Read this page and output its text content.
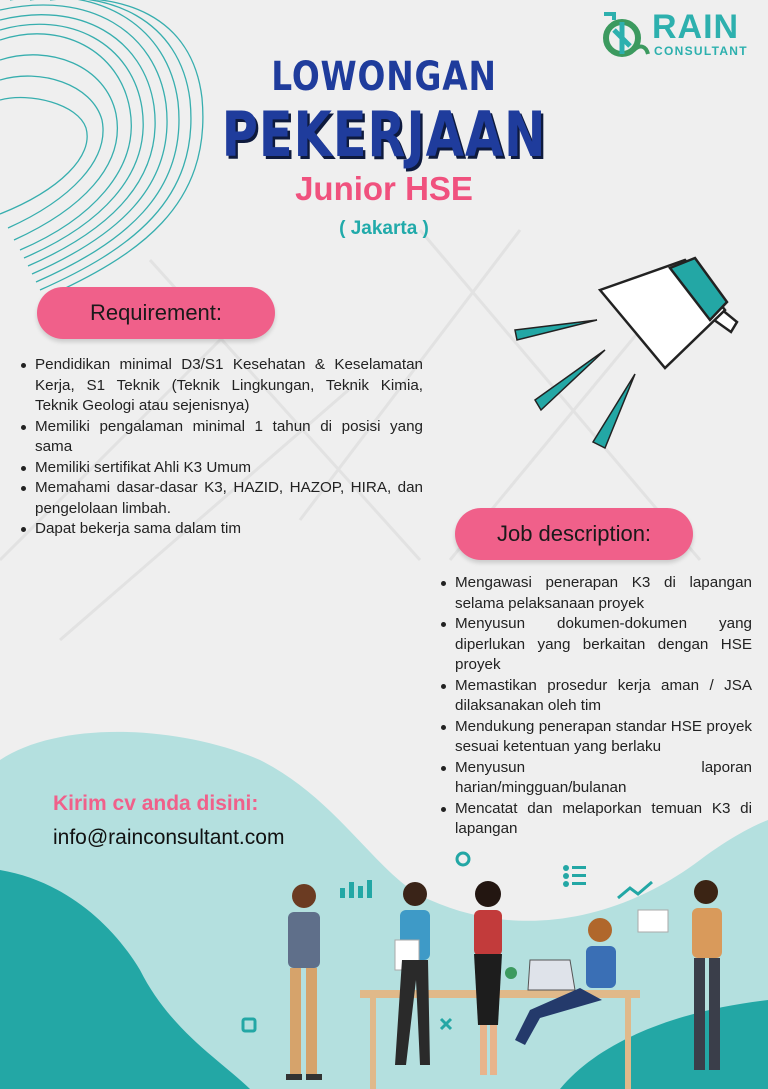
RAIN
CONSULTANT
LOWONGAN
PEKERJAAN
Junior HSE
( Jakarta )
Requirement:
Pendidikan minimal D3/S1 Kesehatan & Keselamatan Kerja, S1 Teknik (Teknik Lingkungan, Teknik Kimia, Teknik Geologi atau sejenisnya)
Memiliki pengalaman minimal 1 tahun di posisi yang sama
Memiliki sertifikat Ahli K3 Umum
Memahami dasar-dasar K3, HAZID, HAZOP, HIRA, dan pengelolaan limbah.
Dapat bekerja sama dalam tim	Job description:
Mengawasi penerapan K3 di lapangan selama pelaksanaan proyek
Menyusun dokumen-dokumen yang diperlukan yang berkaitan dengan HSE proyek
Memastikan prosedur kerja aman / JSA dilaksanakan oleh tim
Mendukung penerapan standar HSE proyek sesuai ketentuan yang berlaku
Menyusun laporan harian/mingguan/bulanan
Mencatat dan melaporkan temuan K3 di lapangan
Kirim cv anda disini:
info@rainconsultant.com
